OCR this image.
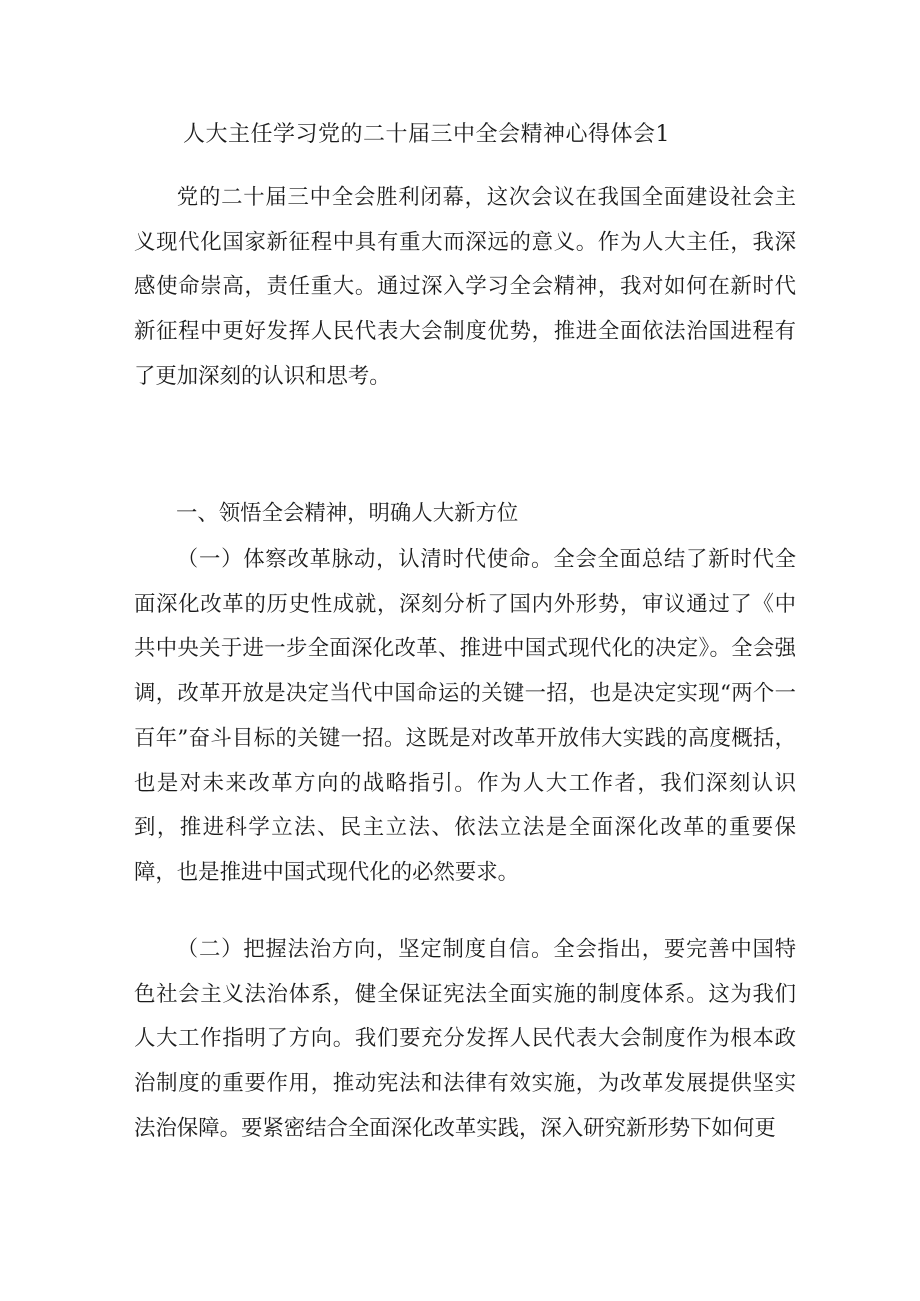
人大主任学习党的二十届三中全会精神心得体会1

党的二十届三中全会胜利闭幕，这次会议在我国全面建设社会主义现代化国家新征程中具有重大而深远的意义。作为人大主任，我深感使命崇高，责任重大。通过深入学习全会精神，我对如何在新时代新征程中更好发挥人民代表大会制度优势，推进全面依法治国进程有了更加深刻的认识和思考。

一、领悟全会精神，明确人大新方位

（一）体察改革脉动，认清时代使命。全会全面总结了新时代全面深化改革的历史性成就，深刻分析了国内外形势，审议通过了《中共中央关于进一步全面深化改革、推进中国式现代化的决定》。全会强调，改革开放是决定当代中国命运的关键一招，也是决定实现“两个一百年”奋斗目标的关键一招。这既是对改革开放伟大实践的高度概括，也是对未来改革方向的战略指引。作为人大工作者，我们深刻认识到，推进科学立法、民主立法、依法立法是全面深化改革的重要保障，也是推进中国式现代化的必然要求。

（二）把握法治方向，坚定制度自信。全会指出，要完善中国特色社会主义法治体系，健全保证宪法全面实施的制度体系。这为我们人大工作指明了方向。我们要充分发挥人民代表大会制度作为根本政治制度的重要作用，推动宪法和法律有效实施，为改革发展提供坚实法治保障。要紧密结合全面深化改革实践，深入研究新形势下如何更
